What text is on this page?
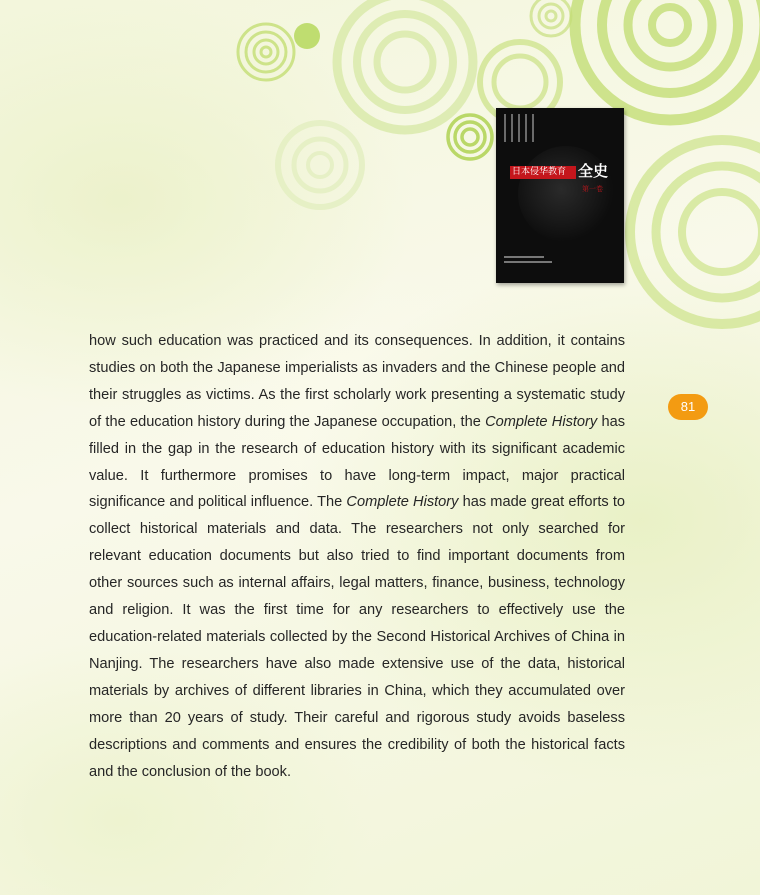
日本侵华教育 全史
第一卷

how such education was practiced and its consequences. In addition, it contains studies on both the Japanese imperialists as invaders and the Chinese people and their struggles as victims. As the first scholarly work presenting a systematic study of the education history during the Japanese occupation, the Complete History has filled in the gap in the research of education history with its significant academic value. It furthermore promises to have long-term impact, major practical significance and political influence. The Complete History has made great efforts to collect historical materials and data. The researchers not only searched for relevant education documents but also tried to find important documents from other sources such as internal affairs, legal matters, finance, business, technology and religion. It was the first time for any researchers to effectively use the education-related materials collected by the Second Historical Archives of China in Nanjing. The researchers have also made extensive use of the data, historical materials by archives of different libraries in China, which they accumulated over more than 20 years of study. Their careful and rigorous study avoids baseless descriptions and comments and ensures the credibility of both the historical facts and the conclusion of the book.

81
